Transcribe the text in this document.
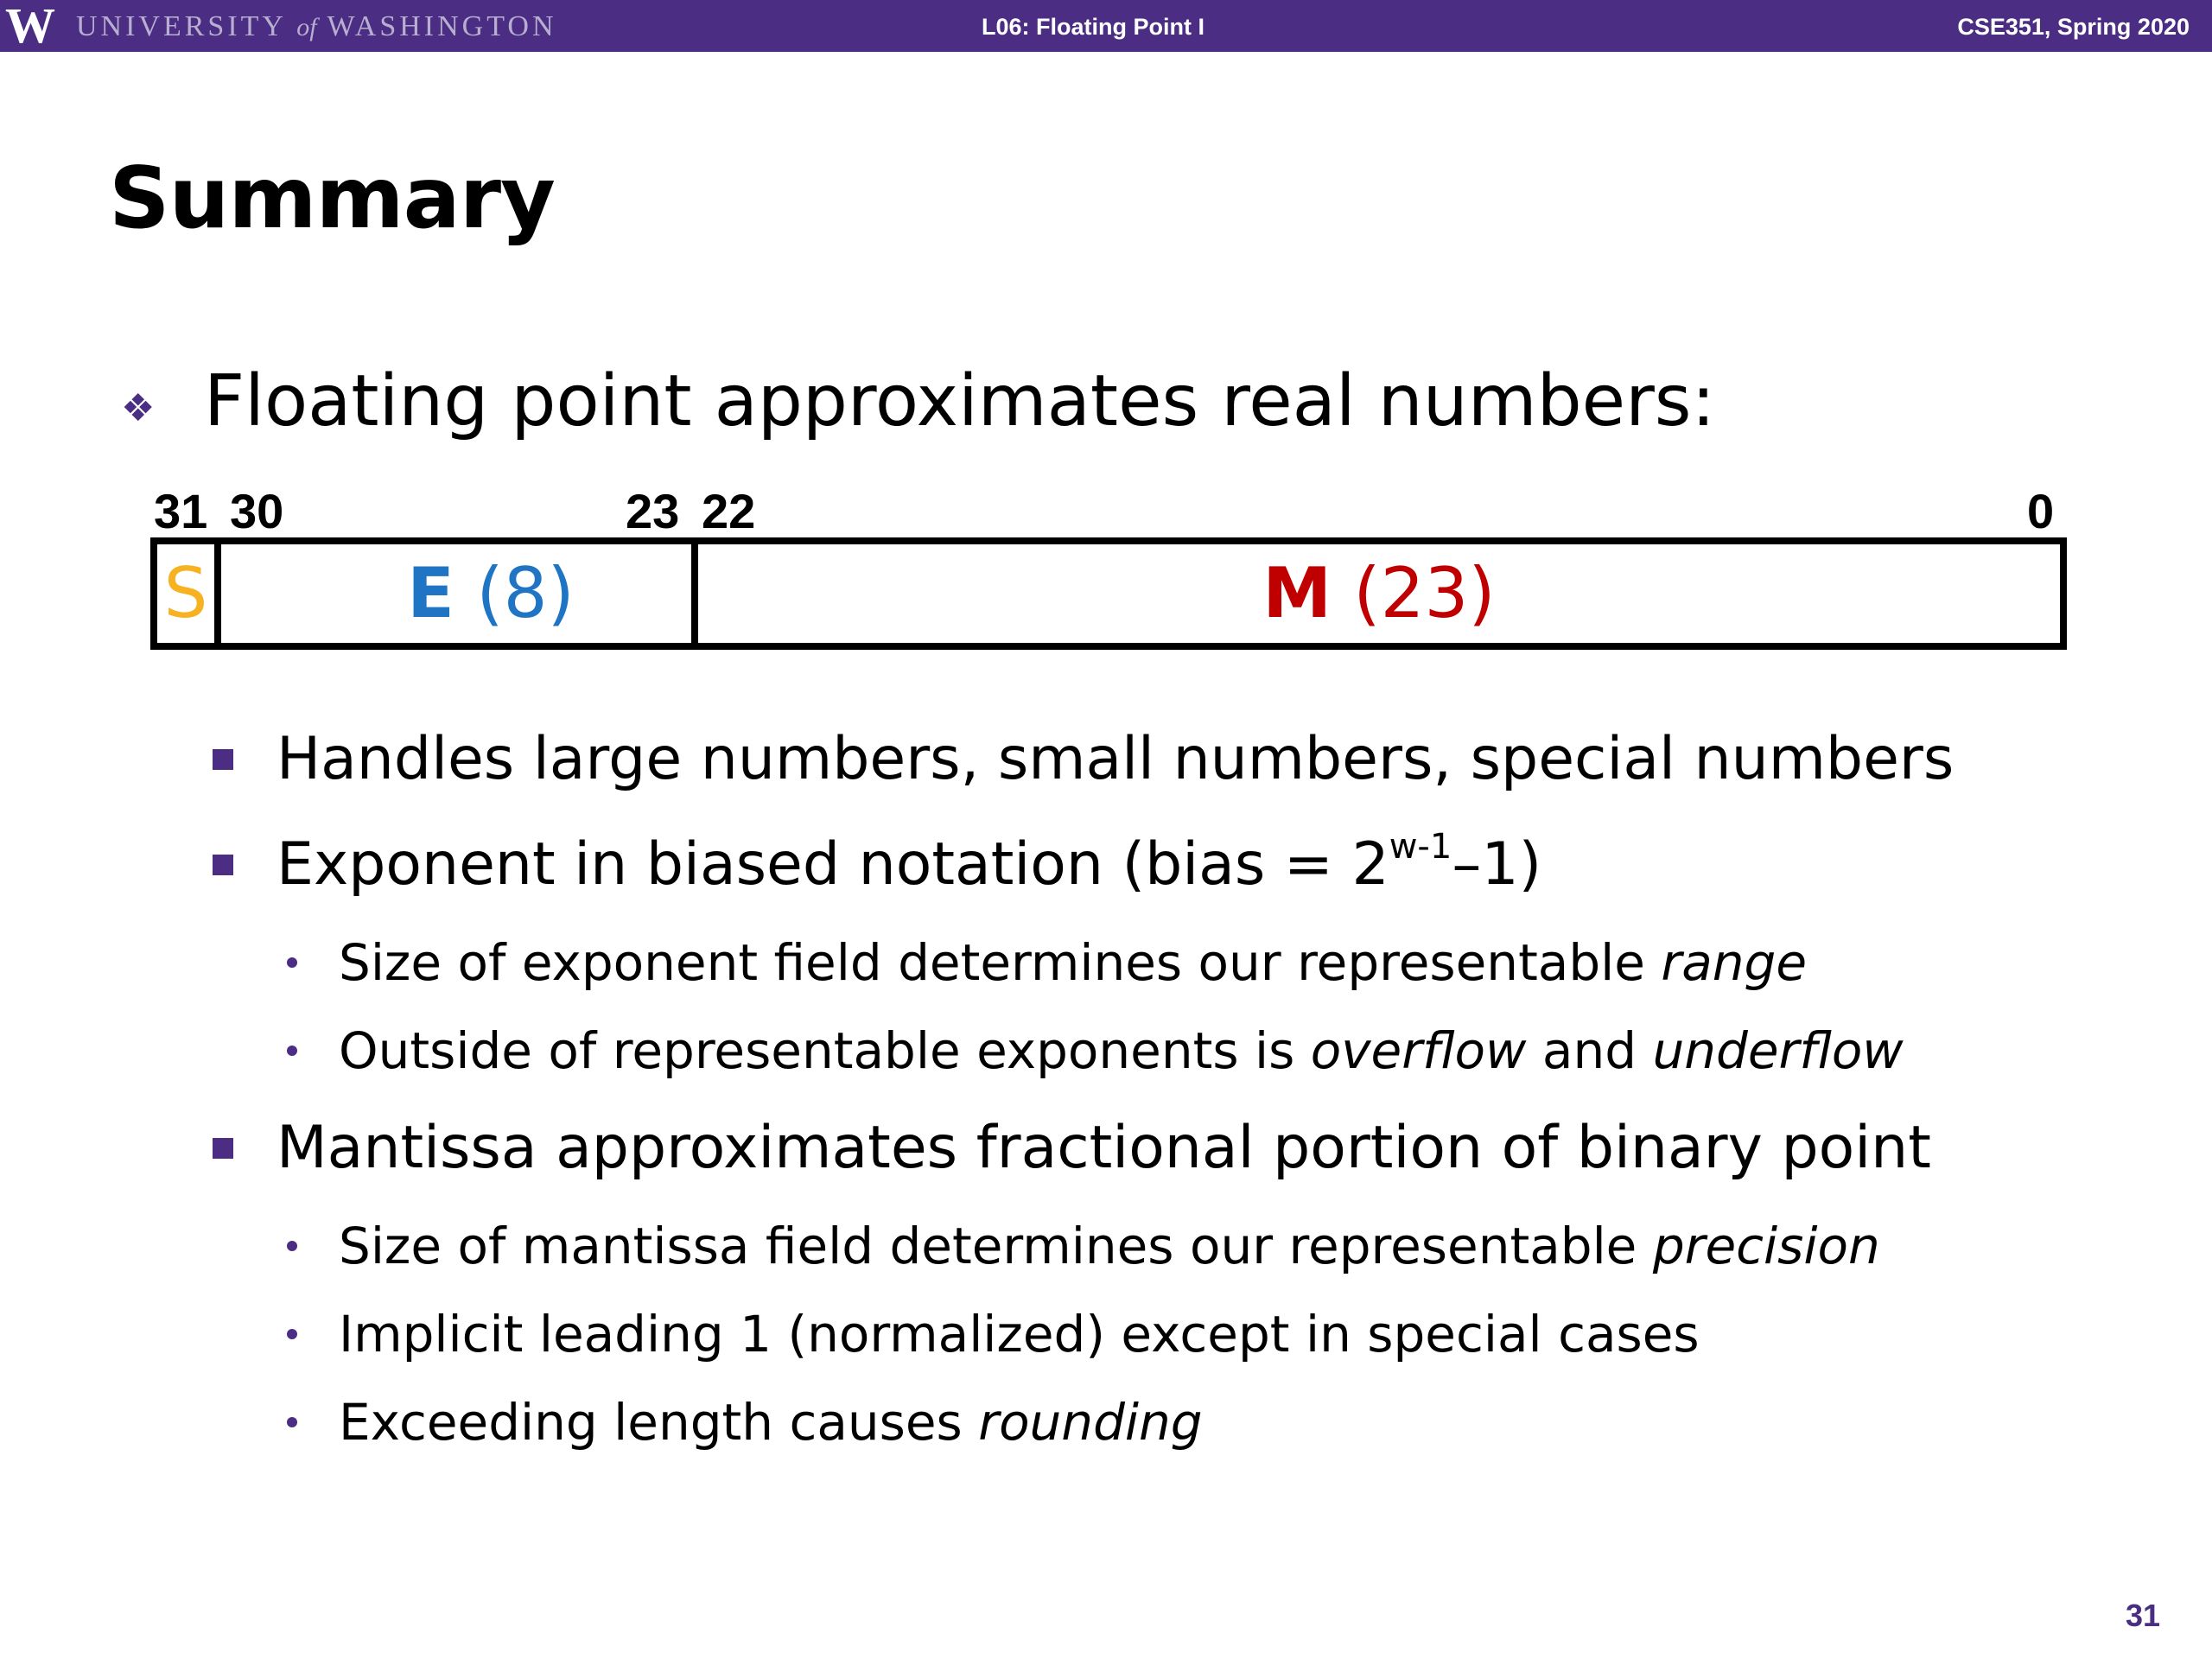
W UNIVERSITY of WASHINGTON	L06: Floating Point I	CSE351, Spring 2020
Summary
❖ Floating point approximates real numbers:
31 30	23 22	0
S	E
(8)	M
(23)
Handles large numbers, small numbers, special numbers
Exponent in biased notation (bias = $2^{w-1}-1$)
Size of exponent field determines our representable range
Outside of representable exponents is overflow and underflow
Mantissa approximates fractional portion of binary point
Size of mantissa field determines our representable precision
Implicit leading 1 (normalized) except in special cases
Exceeding length causes rounding
31
